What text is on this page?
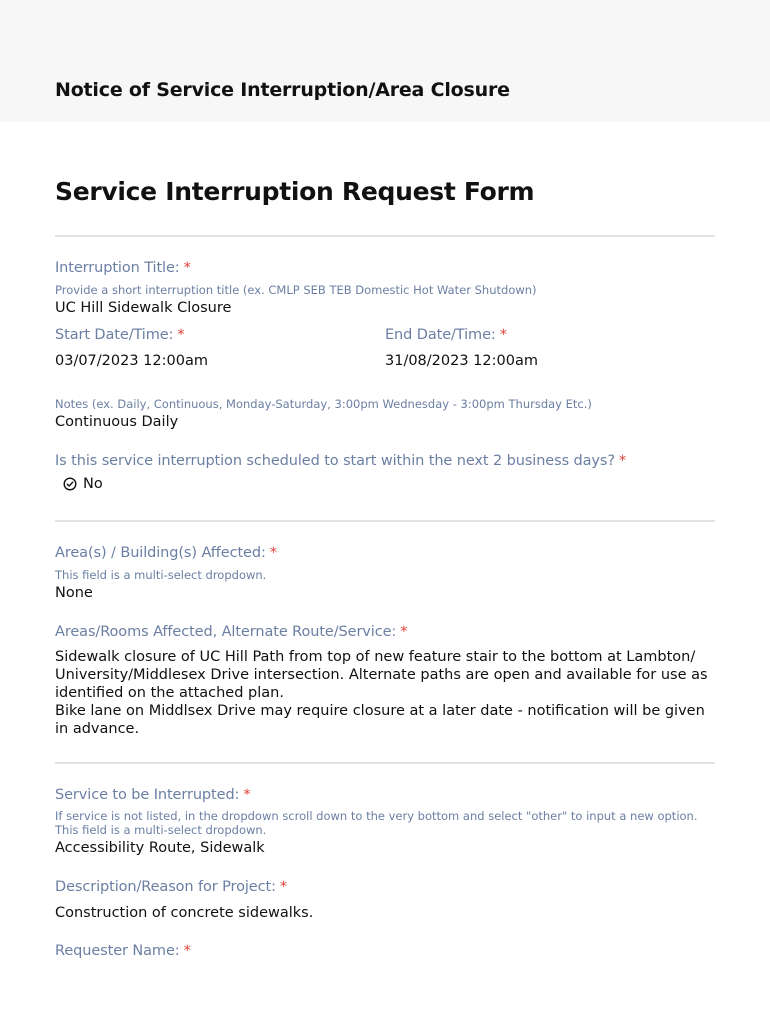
Notice of Service Interruption/Area Closure
Service Interruption Request Form
Interruption Title: *
Provide a short interruption title (ex. CMLP SEB TEB Domestic Hot Water Shutdown)
UC Hill Sidewalk Closure
Start Date/Time: *
03/07/2023 12:00am
End Date/Time: *
31/08/2023 12:00am
Notes (ex. Daily, Continuous, Monday-Saturday, 3:00pm Wednesday - 3:00pm Thursday Etc.)
Continuous Daily
Is this service interruption scheduled to start within the next 2 business days? *
No
Area(s) / Building(s) Affected: *
This field is a multi-select dropdown.
None
Areas/Rooms Affected, Alternate Route/Service: *
Sidewalk closure of UC Hill Path from top of new feature stair to the bottom at Lambton/
University/Middlesex Drive intersection. Alternate paths are open and available for use as
identified on the attached plan.
Bike lane on Middlsex Drive may require closure at a later date - notification will be given
in advance.
Service to be Interrupted: *
If service is not listed, in the dropdown scroll down to the very bottom and select "other" to input a new option.
This field is a multi-select dropdown.
Accessibility Route, Sidewalk
Description/Reason for Project: *
Construction of concrete sidewalks.
Requester Name: *
